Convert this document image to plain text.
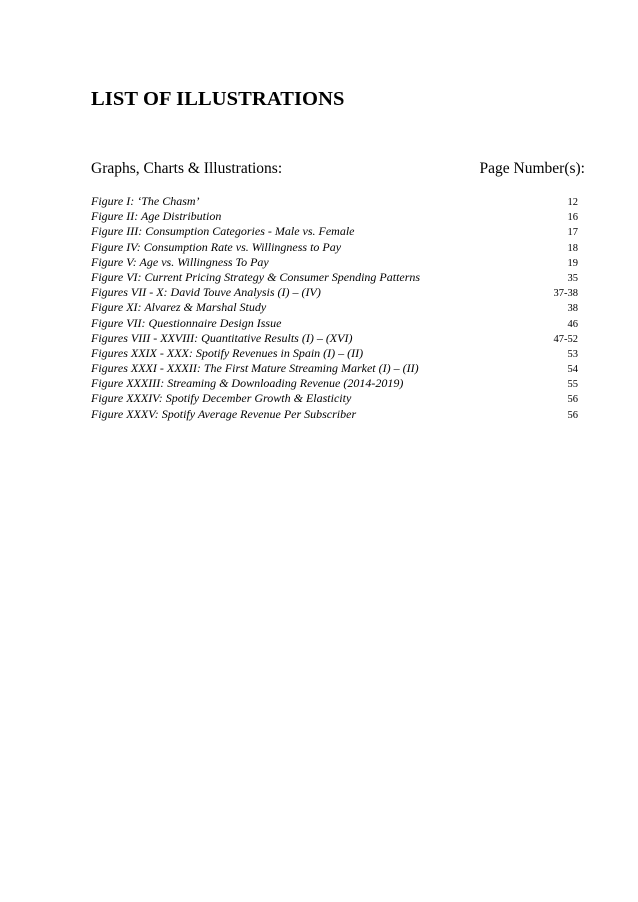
LIST OF ILLUSTRATIONS
Graphs, Charts & Illustrations:	Page Number(s):
Figure I: ‘The Chasm’	12
Figure II: Age Distribution	16
Figure III: Consumption Categories - Male vs. Female	17
Figure IV: Consumption Rate vs. Willingness to Pay	18
Figure V: Age vs. Willingness To Pay	19
Figure VI: Current Pricing Strategy & Consumer Spending Patterns	35
Figures VII - X: David Touve Analysis (I) – (IV)	37-38
Figure XI: Alvarez & Marshal Study	38
Figure VII: Questionnaire Design Issue	46
Figures VIII - XXVIII: Quantitative Results (I) – (XVI)	47-52
Figures XXIX - XXX: Spotify Revenues in Spain (I) – (II)	53
Figures XXXI - XXXII: The First Mature Streaming Market (I) – (II)	54
Figure XXXIII: Streaming & Downloading Revenue (2014-2019)	55
Figure XXXIV: Spotify December Growth & Elasticity	56
Figure XXXV: Spotify Average Revenue Per Subscriber	56
